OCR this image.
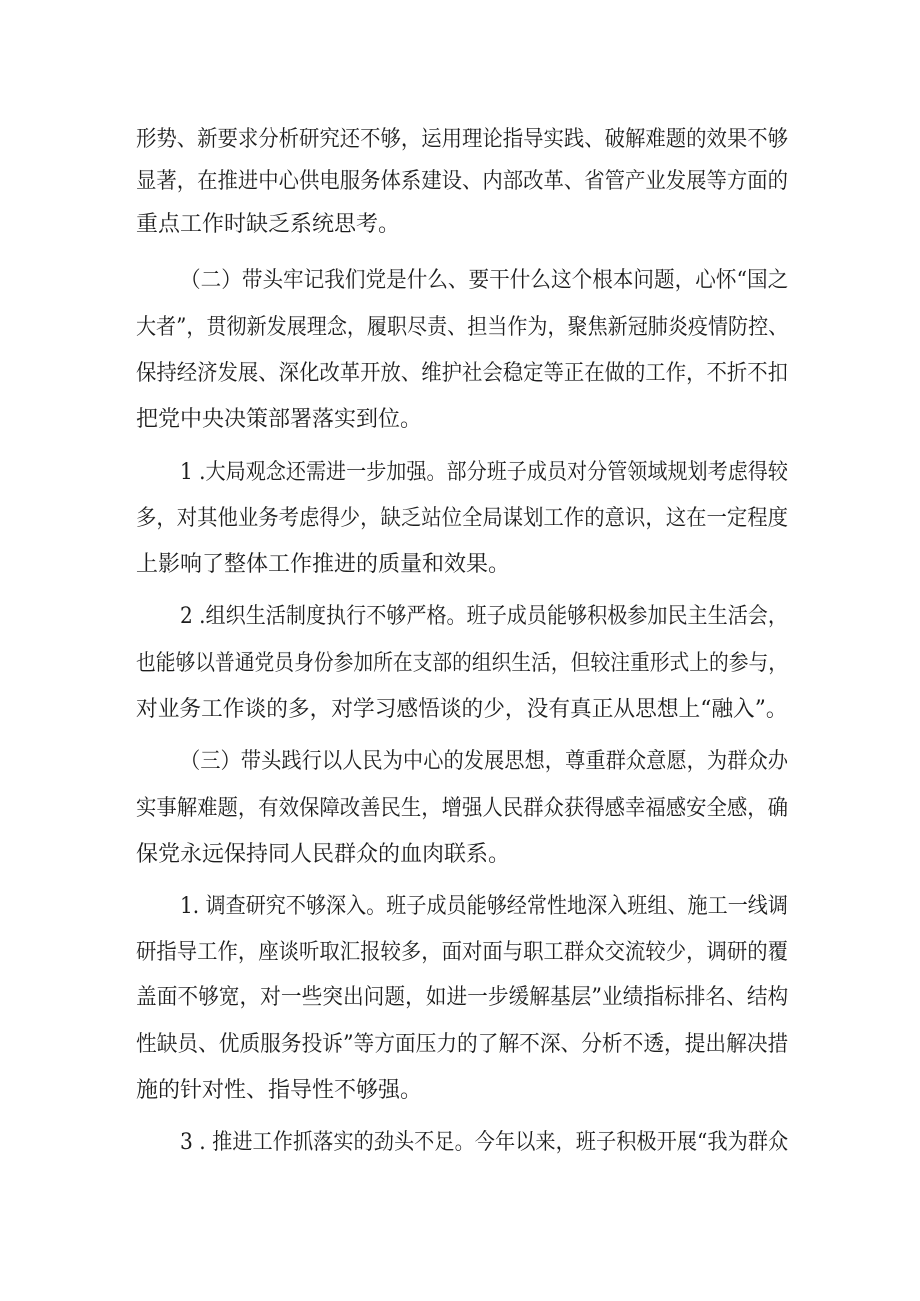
形势、新要求分析研究还不够，运用理论指导实践、破解难题的效果不够
显著，在推进中心供电服务体系建设、内部改革、省管产业发展等方面的
重点工作时缺乏系统思考。
（二）带头牢记我们党是什么、要干什么这个根本问题，心怀“国之
大者”，贯彻新发展理念，履职尽责、担当作为，聚焦新冠肺炎疫情防控、
保持经济发展、深化改革开放、维护社会稳定等正在做的工作，不折不扣
把党中央决策部署落实到位。
1 .大局观念还需进一步加强。部分班子成员对分管领域规划考虑得较
多，对其他业务考虑得少，缺乏站位全局谋划工作的意识，这在一定程度
上影响了整体工作推进的质量和效果。
2 .组织生活制度执行不够严格。班子成员能够积极参加民主生活会，
也能够以普通党员身份参加所在支部的组织生活，但较注重形式上的参与，
对业务工作谈的多，对学习感悟谈的少，没有真正从思想上“融入”。
（三）带头践行以人民为中心的发展思想，尊重群众意愿，为群众办
实事解难题，有效保障改善民生，增强人民群众获得感幸福感安全感，确
保党永远保持同人民群众的血肉联系。
1. 调查研究不够深入。班子成员能够经常性地深入班组、施工一线调
研指导工作，座谈听取汇报较多，面对面与职工群众交流较少，调研的覆
盖面不够宽，对一些突出问题，如进一步缓解基层”业绩指标排名、结构
性缺员、优质服务投诉”等方面压力的了解不深、分析不透，提出解决措
施的针对性、指导性不够强。
3 . 推进工作抓落实的劲头不足。今年以来，班子积极开展“我为群众
